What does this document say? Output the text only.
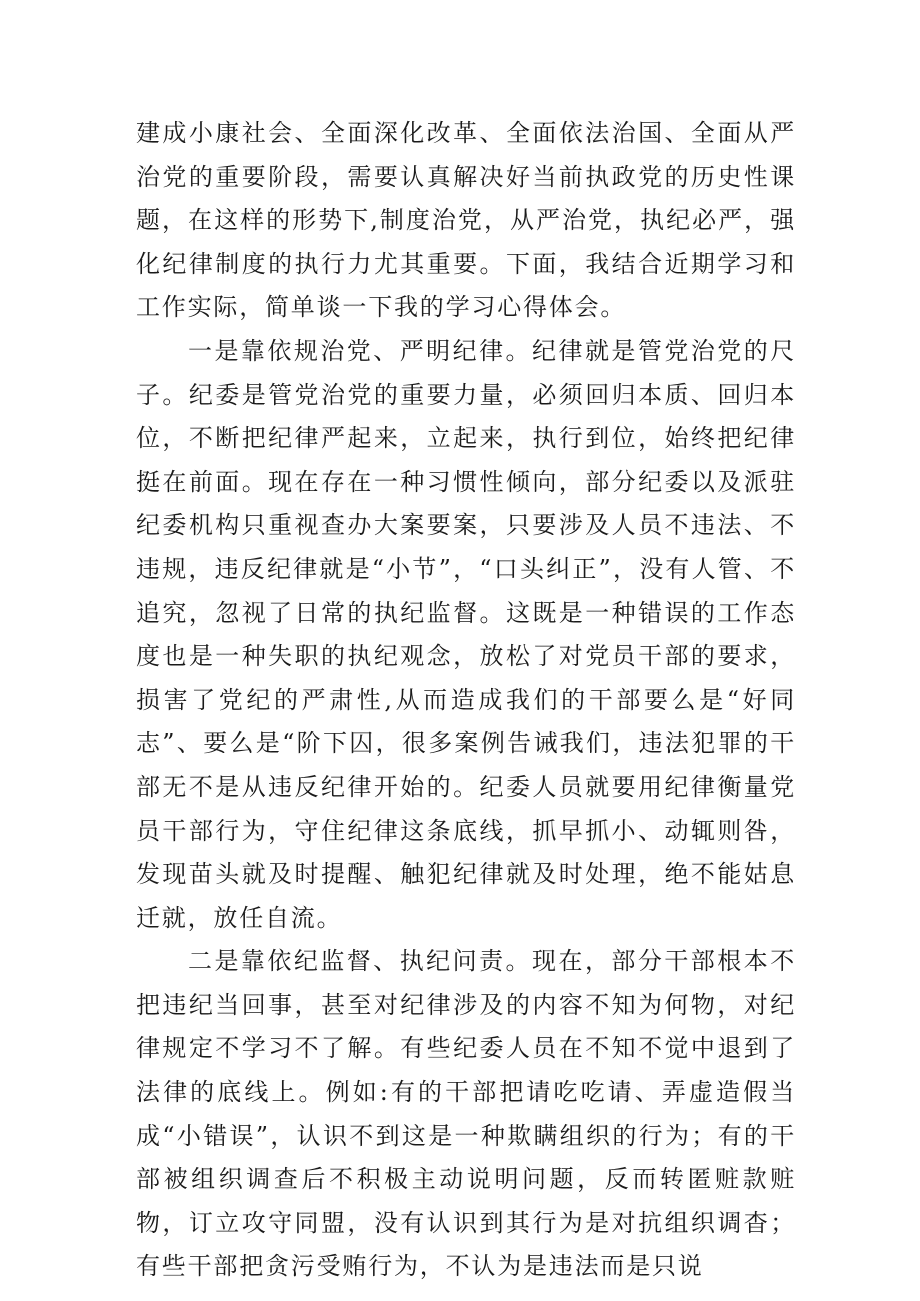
建成小康社会、全面深化改革、全面依法治国、全面从严治党的重要阶段，需要认真解决好当前执政党的历史性课题，在这样的形势下,制度治党，从严治党，执纪必严，强化纪律制度的执行力尤其重要。下面，我结合近期学习和工作实际，简单谈一下我的学习心得体会。

一是靠依规治党、严明纪律。纪律就是管党治党的尺子。纪委是管党治党的重要力量，必须回归本质、回归本位，不断把纪律严起来，立起来，执行到位，始终把纪律挺在前面。现在存在一种习惯性倾向，部分纪委以及派驻纪委机构只重视查办大案要案，只要涉及人员不违法、不违规，违反纪律就是“小节”，“口头纠正”，没有人管、不追究，忽视了日常的执纪监督。这既是一种错误的工作态度也是一种失职的执纪观念，放松了对党员干部的要求，损害了党纪的严肃性,从而造成我们的干部要么是“好同志”、要么是“阶下囚，很多案例告诫我们，违法犯罪的干部无不是从违反纪律开始的。纪委人员就要用纪律衡量党员干部行为，守住纪律这条底线，抓早抓小、动辄则咎，发现苗头就及时提醒、触犯纪律就及时处理，绝不能姑息迁就，放任自流。

二是靠依纪监督、执纪问责。现在，部分干部根本不把违纪当回事，甚至对纪律涉及的内容不知为何物，对纪律规定不学习不了解。有些纪委人员在不知不觉中退到了法律的底线上。例如:有的干部把请吃吃请、弄虚造假当成“小错误”，认识不到这是一种欺瞒组织的行为；有的干部被组织调查后不积极主动说明问题，反而转匿赃款赃物，订立攻守同盟，没有认识到其行为是对抗组织调杳；有些干部把贪污受贿行为，不认为是违法而是只说
